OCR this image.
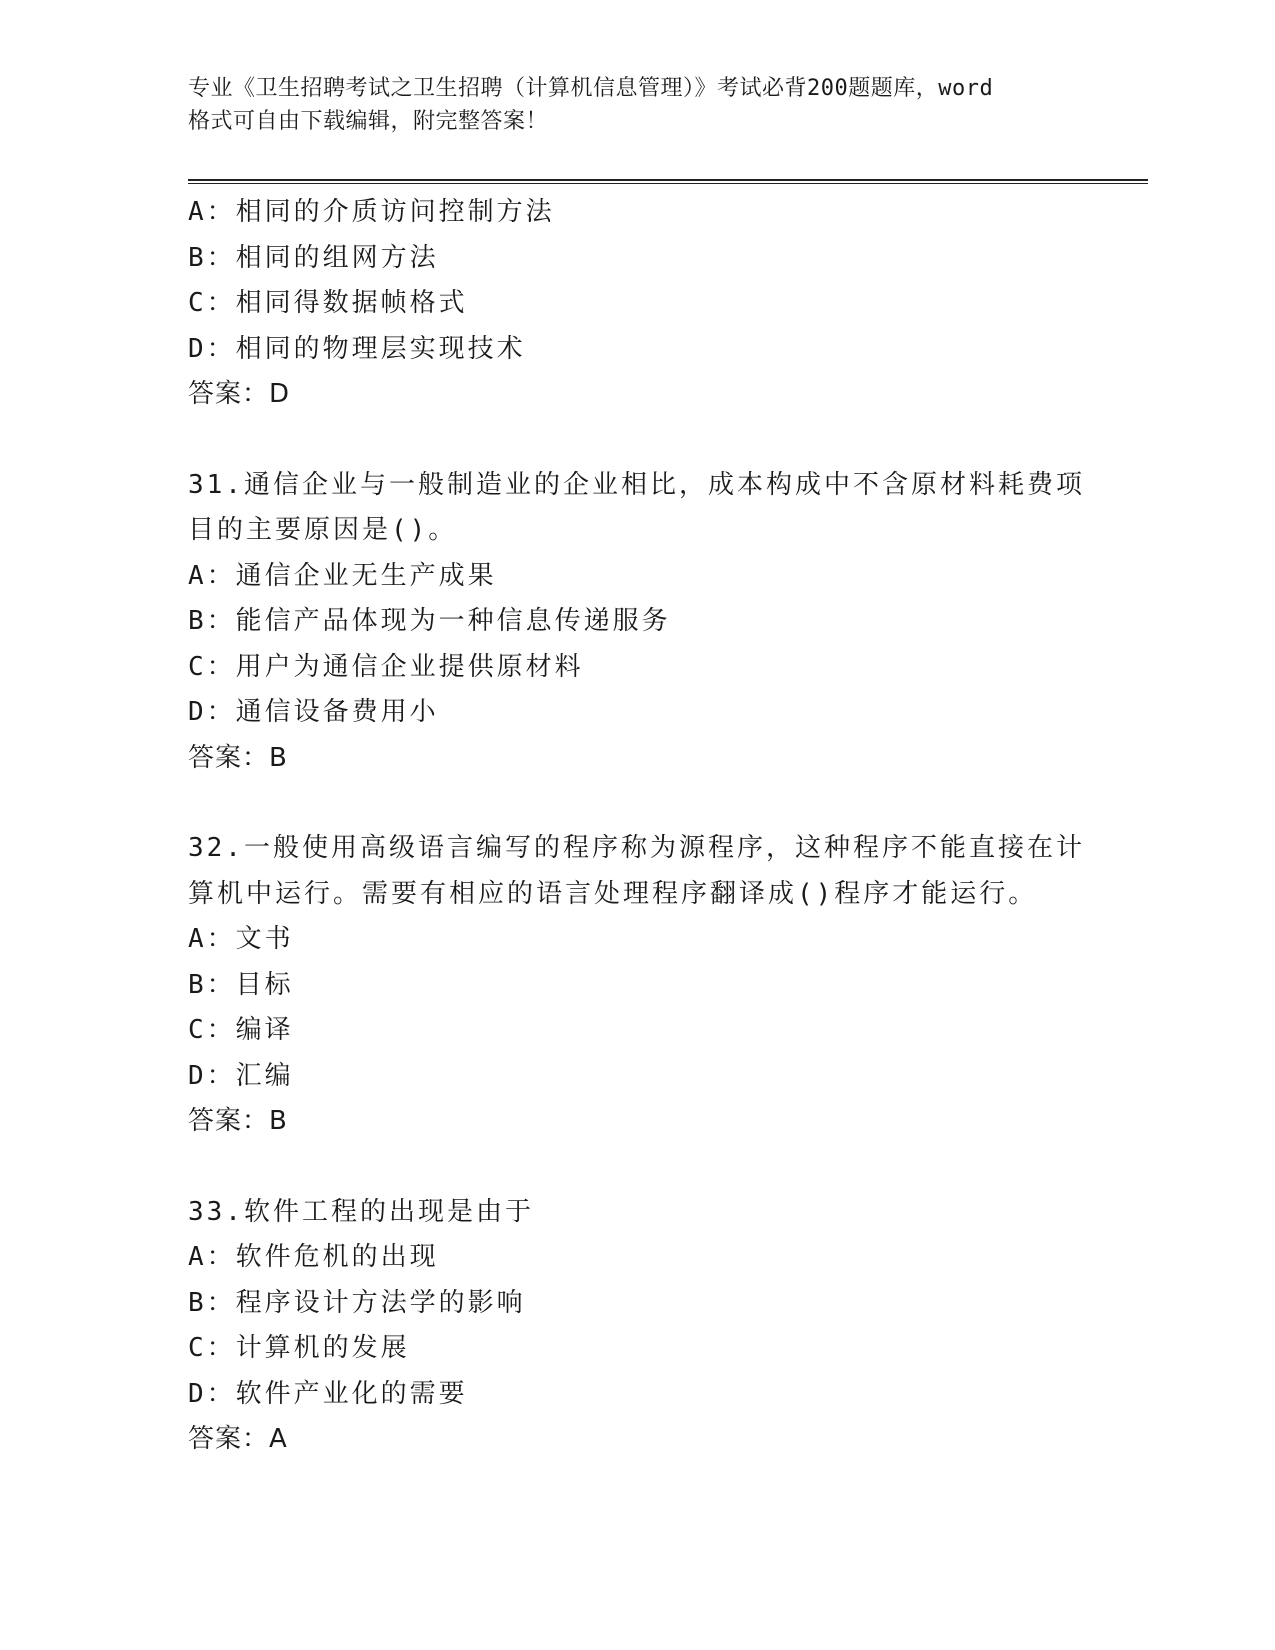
专业《卫生招聘考试之卫生招聘（计算机信息管理）》考试必背200题题库，word
格式可自由下载编辑，附完整答案！
A：相同的介质访问控制方法
B：相同的组网方法
C：相同得数据帧格式
D：相同的物理层实现技术
答案：D
31.通信企业与一般制造业的企业相比，成本构成中不含原材料耗费项
目的主要原因是()。
A：通信企业无生产成果
B：能信产品体现为一种信息传递服务
C：用户为通信企业提供原材料
D：通信设备费用小
答案：B
32.一般使用高级语言编写的程序称为源程序，这种程序不能直接在计
算机中运行。需要有相应的语言处理程序翻译成()程序才能运行。
A：文书
B：目标
C：编译
D：汇编
答案：B
33.软件工程的出现是由于
A：软件危机的出现
B：程序设计方法学的影响
C：计算机的发展
D：软件产业化的需要
答案：A
